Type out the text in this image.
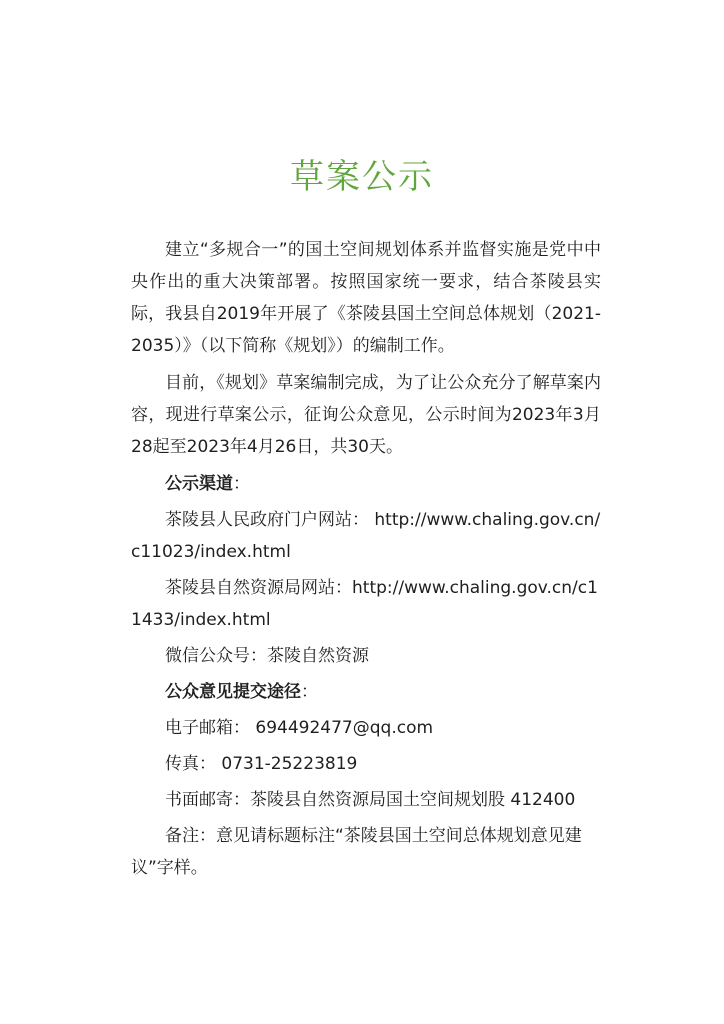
草案公示

建立“多规合一”的国土空间规划体系并监督实施是党中中央作出的重大决策部署。按照国家统一要求，结合茶陵县实际，我县自2019年开展了《茶陵县国土空间总体规划（2021-2035）》（以下简称《规划》）的编制工作。

目前，《规划》草案编制完成，为了让公众充分了解草案内容，现进行草案公示，征询公众意见，公示时间为2023年3月28起至2023年4月26日，共30天。

公示渠道：

茶陵县人民政府门户网站： http://www.chaling.gov.cn/c11023/index.html

茶陵县自然资源局网站：http://www.chaling.gov.cn/c11433/index.html

微信公众号：茶陵自然资源

公众意见提交途径：

电子邮箱： 694492477@qq.com

传真： 0731-25223819

书面邮寄：茶陵县自然资源局国土空间规划股 412400

备注：意见请标题标注“茶陵县国土空间总体规划意见建议”字样。
